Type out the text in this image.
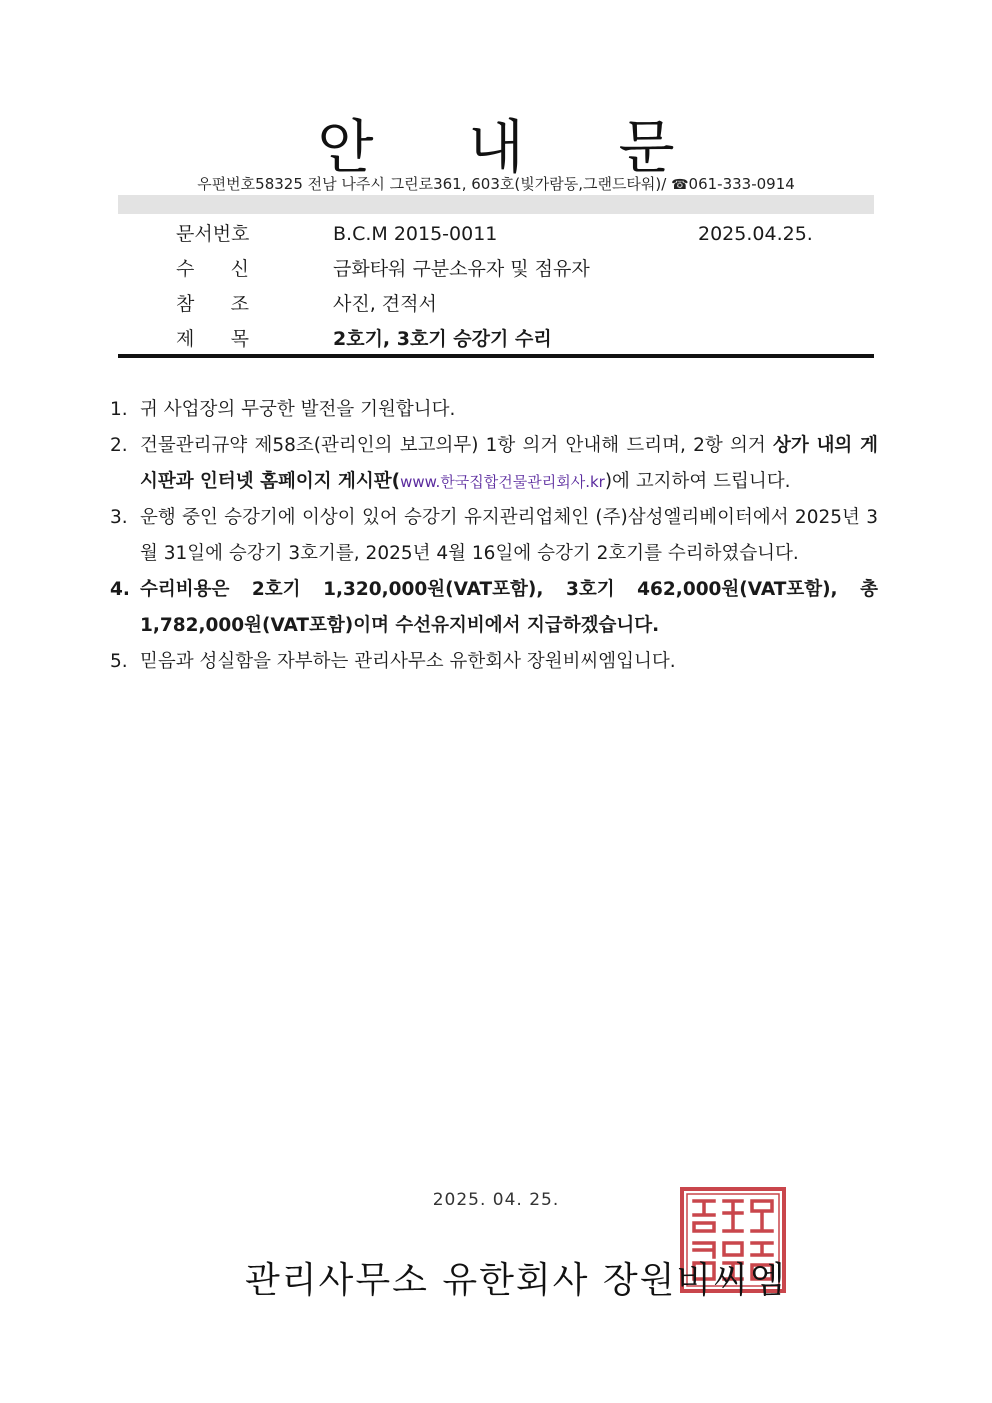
안 내 문
우편번호58325 전남 나주시 그린로361, 603호(빛가람동,그랜드타워)/ ☎061-333-0914
문서번호	B.C.M 2015-0011	2025.04.25.
수      신	금화타워 구분소유자 및 점유자
참      조	사진, 견적서
제      목	2호기, 3호기 승강기 수리
1. 귀 사업장의 무궁한 발전을 기원합니다.
2. 건물관리규약 제58조(관리인의 보고의무) 1항 의거 안내해 드리며, 2항 의거 상가 내의 게시판과 인터넷 홈페이지 게시판(www.한국집합건물관리회사.kr)에 고지하여 드립니다.
3. 운행 중인 승강기에 이상이 있어 승강기 유지관리업체인 (주)삼성엘리베이터에서 2025년 3월 31일에 승강기 3호기를, 2025년 4월 16일에 승강기 2호기를 수리하였습니다.
4. 수리비용은 2호기 1,320,000원(VAT포함), 3호기 462,000원(VAT포함), 총 1,782,000원(VAT포함)이며 수선유지비에서 지급하겠습니다.
5. 믿음과 성실함을 자부하는 관리사무소 유한회사 장원비씨엠입니다.
2025. 04. 25.
관리사무소 유한회사 장원비씨엠
